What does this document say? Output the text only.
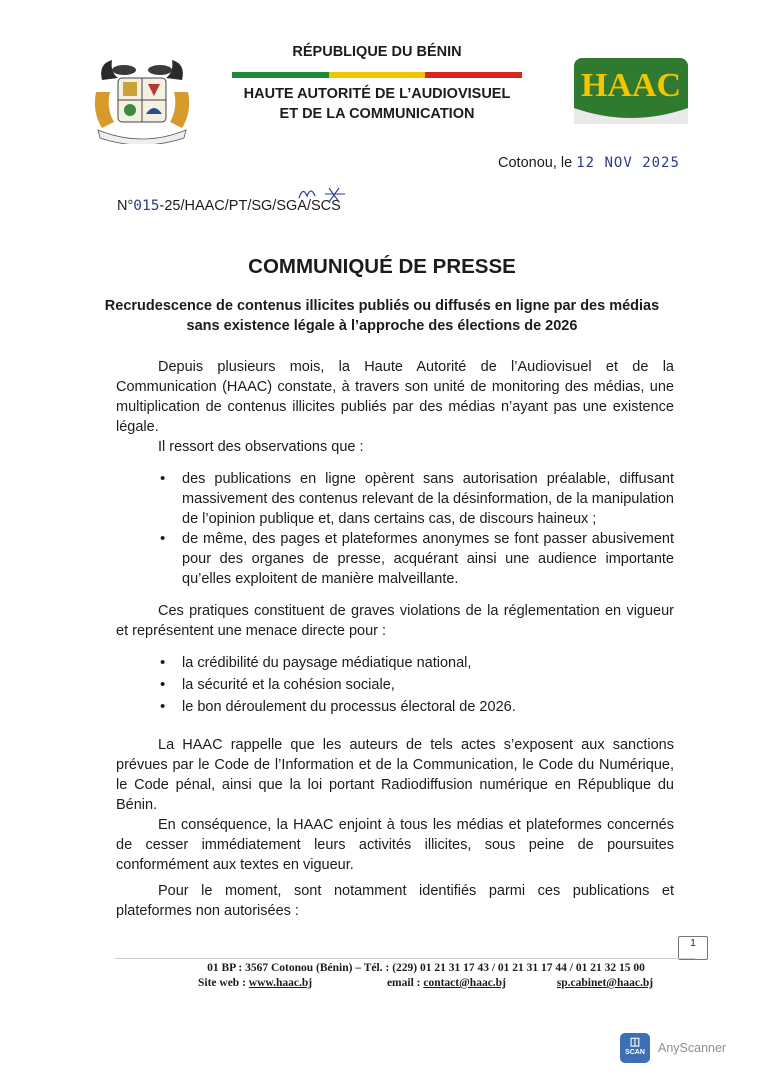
RÉPUBLIQUE DU BÉNIN
HAUTE AUTORITÉ DE L’AUDIOVISUEL
ET DE LA COMMUNICATION
HAAC
Cotonou, le 12 NOV 2025
N°015-25/HAAC/PT/SG/SGA/SCS
COMMUNIQUÉ DE PRESSE
Recrudescence de contenus illicites publiés ou diffusés en ligne par des médias sans existence légale à l’approche des élections de 2026
Depuis plusieurs mois, la Haute Autorité de l’Audiovisuel et de la Communication (HAAC) constate, à travers son unité de monitoring des médias, une multiplication de contenus illicites publiés par des médias n’ayant pas une existence légale.
Il ressort des observations que :
• des publications en ligne opèrent sans autorisation préalable, diffusant massivement des contenus relevant de la désinformation, de la manipulation de l’opinion publique et, dans certains cas, de discours haineux ;
• de même, des pages et plateformes anonymes se font passer abusivement pour des organes de presse, acquérant ainsi une audience importante qu’elles exploitent de manière malveillante.
Ces pratiques constituent de graves violations de la réglementation en vigueur et représentent une menace directe pour :
• la crédibilité du paysage médiatique national,
• la sécurité et la cohésion sociale,
• le bon déroulement du processus électoral de 2026.
La HAAC rappelle que les auteurs de tels actes s’exposent aux sanctions prévues par le Code de l’Information et de la Communication, le Code du Numérique, le Code pénal, ainsi que la loi portant Radiodiffusion numérique en République du Bénin.
En conséquence, la HAAC enjoint à tous les médias et plateformes concernés de cesser immédiatement leurs activités illicites, sous peine de poursuites conformément aux textes en vigueur.
Pour le moment, sont notamment identifiés parmi ces publications et plateformes non autorisées :
1
01 BP : 3567 Cotonou (Bénin) – Tél. : (229) 01 21 31 17 43 / 01 21 31 17 44 / 01 21 32 15 00
Site web : www.haac.bj	email : contact@haac.bj	sp.cabinet@haac.bj
◫
SCAN	AnyScanner
